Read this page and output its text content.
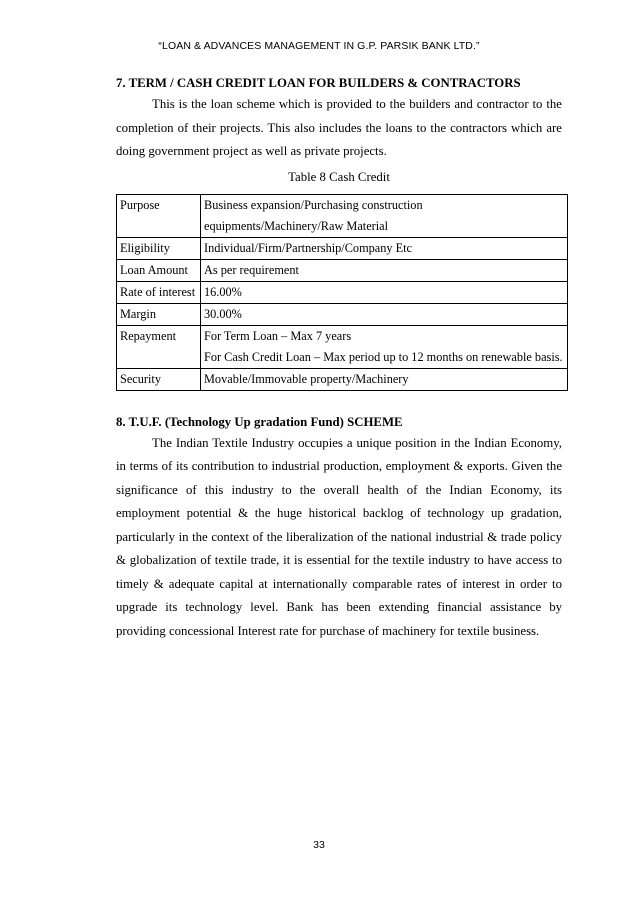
“LOAN & ADVANCES MANAGEMENT IN G.P. PARSIK BANK LTD.”
7. TERM / CASH CREDIT LOAN FOR BUILDERS & CONTRACTORS

This is the loan scheme which is provided to the builders and contractor to the completion of their projects. This also includes the loans to the contractors which are doing government project as well as private projects.

Table 8 Cash Credit
Purpose	Business expansion/Purchasing construction
equipments/Machinery/Raw Material

Eligibility	Individual/Firm/Partnership/Company Etc

Loan Amount	As per requirement

Rate of interest	16.00%

Margin	30.00%

Repayment	For Term Loan – Max 7 years
For Cash Credit Loan – Max period up to 12 months on renewable basis.

Security	Movable/Immovable property/Machinery
8. T.U.F. (Technology Up gradation Fund) SCHEME

The Indian Textile Industry occupies a unique position in the Indian Economy, in terms of its contribution to industrial production, employment & exports. Given the significance of this industry to the overall health of the Indian Economy, its employment potential & the huge historical backlog of technology up gradation, particularly in the context of the liberalization of the national industrial & trade policy & globalization of textile trade, it is essential for the textile industry to have access to timely & adequate capital at internationally comparable rates of interest in order to upgrade its technology level. Bank has been extending financial assistance by providing concessional Interest rate for purchase of machinery for textile business.

33
